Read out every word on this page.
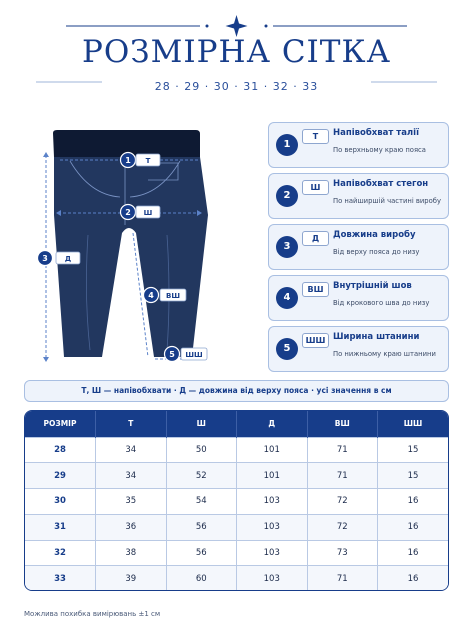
РОЗМІРНА СІТКА
28 · 29 · 30 · 31 · 32 · 33
1 Т
2 Ш
3 Д
4 ВШ
5 ШШ
1
Т	Напівобхват талії
По верхньому краю пояса
2
Ш	Напівобхват стегон
По найширшій частині виробу
3
Д	Довжина виробу
Від верху пояса до низу
4
ВШ	Внутрішній шов
Від крокового шва до низу
5
ШШ Ширина штанини
По нижньому краю штанини
Т, Ш — напівобхвати · Д — довжина від верху пояса · усі значення в см
РОЗМІР	Т	Ш	Д	ВШ	ШШ
28	34	50	101	71	15
29	34	52	101	71	15
30	35	54	103	72	16
31	36	56	103	72	16
32	38	56	103	73	16
33	39	60	103	71	16
Можлива похибка вимірювань ±1 см
